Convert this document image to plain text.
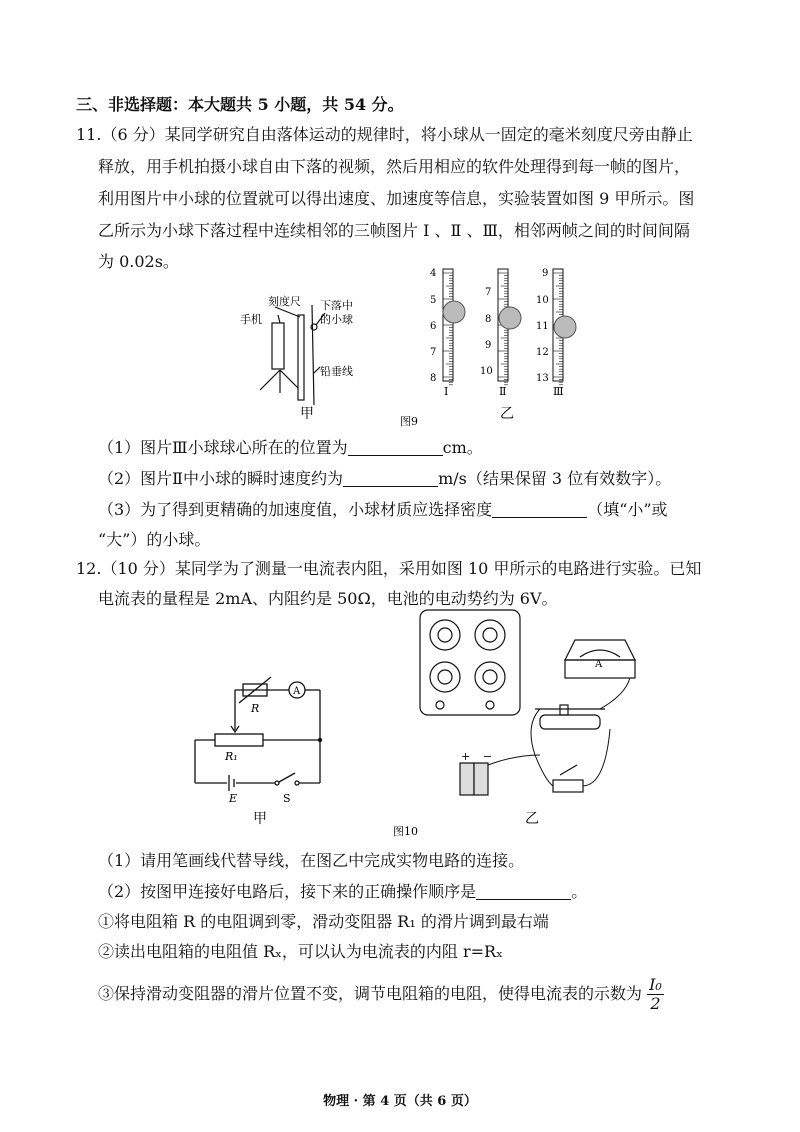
三、非选择题：本大题共 5 小题，共 54 分。
11.（6 分）某同学研究自由落体运动的规律时，将小球从一固定的毫米刻度尺旁由静止
释放，用手机拍摄小球自由下落的视频，然后用相应的软件处理得到每一帧的图片，
利用图片中小球的位置就可以得出速度、加速度等信息，实验装置如图 9 甲所示。图
乙所示为小球下落过程中连续相邻的三帧图片 Ⅰ 、Ⅱ 、Ⅲ，相邻两帧之间的时间间隔
为 0.02s。
刻度尺
手机
下落中
的小球
铅垂线
甲
4
5
6
7
8
7
8
9
10
9
10
11
12
13
Ⅰ	Ⅱ	Ⅲ
乙
图9
（1）图片Ⅲ小球球心所在的位置为	cm。
（2）图片Ⅱ中小球的瞬时速度约为	m/s（结果保留 3 位有效数字）。
（3）为了得到更精确的加速度值，小球材质应选择密度	（填“小”或
“大”）的小球。
12.（10 分）某同学为了测量一电流表内阻，采用如图 10 甲所示的电路进行实验。已知
电流表的量程是 2mA、内阻约是 50Ω，电池的电动势约为 6V。
R
A
R₁
E	S
甲
A
+ −
乙
图10
（1）请用笔画线代替导线，在图乙中完成实物电路的连接。
（2）按图甲连接好电路后，接下来的正确操作顺序是	。
①将电阻箱 R 的电阻调到零，滑动变阻器 R₁ 的滑片调到最右端
②读出电阻箱的电阻值 Rₓ，可以认为电流表的内阻 r=Rₓ
③保持滑动变阻器的滑片位置不变，调节电阻箱的电阻，使得电流表的示数为 $\frac{\text{I₀}}{2}$
物理 · 第 4 页（共 6 页）
